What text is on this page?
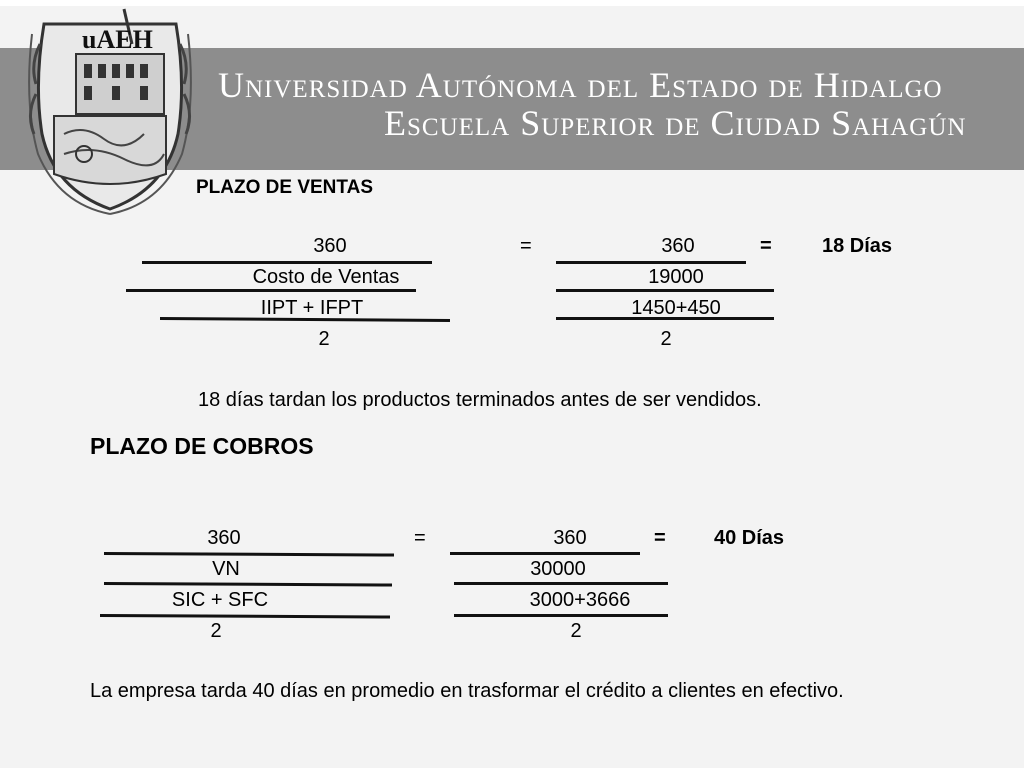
Universidad Autónoma del Estado de Hidalgo
Escuela Superior de Ciudad Sahagún
uAEH
PLAZO DE VENTAS
360
Costo de Ventas
IIPT + IFPT
2
=	360
19000
1450+450
2
=	18 Días
18 días tardan los productos terminados antes de ser vendidos.
PLAZO DE COBROS
360
VN
SIC + SFC
2
=	360
30000
3000+3666
2
= 40 Días
La empresa tarda 40 días en promedio en trasformar el crédito a clientes en efectivo.
